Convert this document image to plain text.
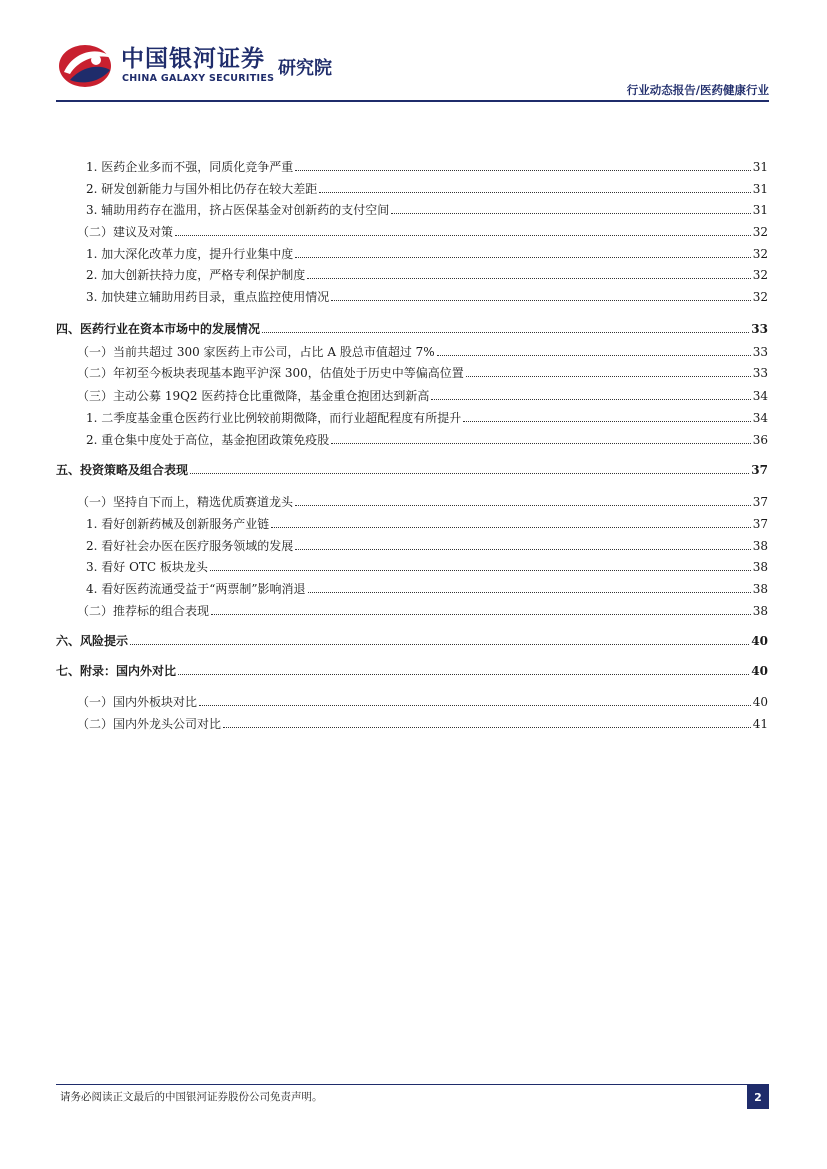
中国银河证券
CHINA GALAXY SECURITIES 研究院
行业动态报告/医药健康行业
1. 医药企业多而不强，同质化竞争严重	31
2. 研发创新能力与国外相比仍存在较大差距	31
3. 辅助用药存在滥用，挤占医保基金对创新药的支付空间	31
（二）建议及对策	32
1. 加大深化改革力度，提升行业集中度	32
2. 加大创新扶持力度，严格专利保护制度	32
3. 加快建立辅助用药目录，重点监控使用情况	32
四、医药行业在资本市场中的发展情况	33
（一）当前共超过 300 家医药上市公司，占比 A 股总市值超过 7%	33
（二）年初至今板块表现基本跑平沪深 300，估值处于历史中等偏高位置	33
（三）主动公募 19Q2 医药持仓比重微降，基金重仓抱团达到新高	34
1. 二季度基金重仓医药行业比例较前期微降，而行业超配程度有所提升	34
2. 重仓集中度处于高位，基金抱团政策免疫股	36
五、投资策略及组合表现	37
（一）坚持自下而上，精选优质赛道龙头	37
1. 看好创新药械及创新服务产业链	37
2. 看好社会办医在医疗服务领域的发展	38
3. 看好 OTC 板块龙头	38
4. 看好医药流通受益于“两票制”影响消退	38
（二）推荐标的组合表现	38
六、风险提示	40
七、附录：国内外对比	40
（一）国内外板块对比	40
（二）国内外龙头公司对比	41
请务必阅读正文最后的中国银河证券股份公司免责声明。	2
